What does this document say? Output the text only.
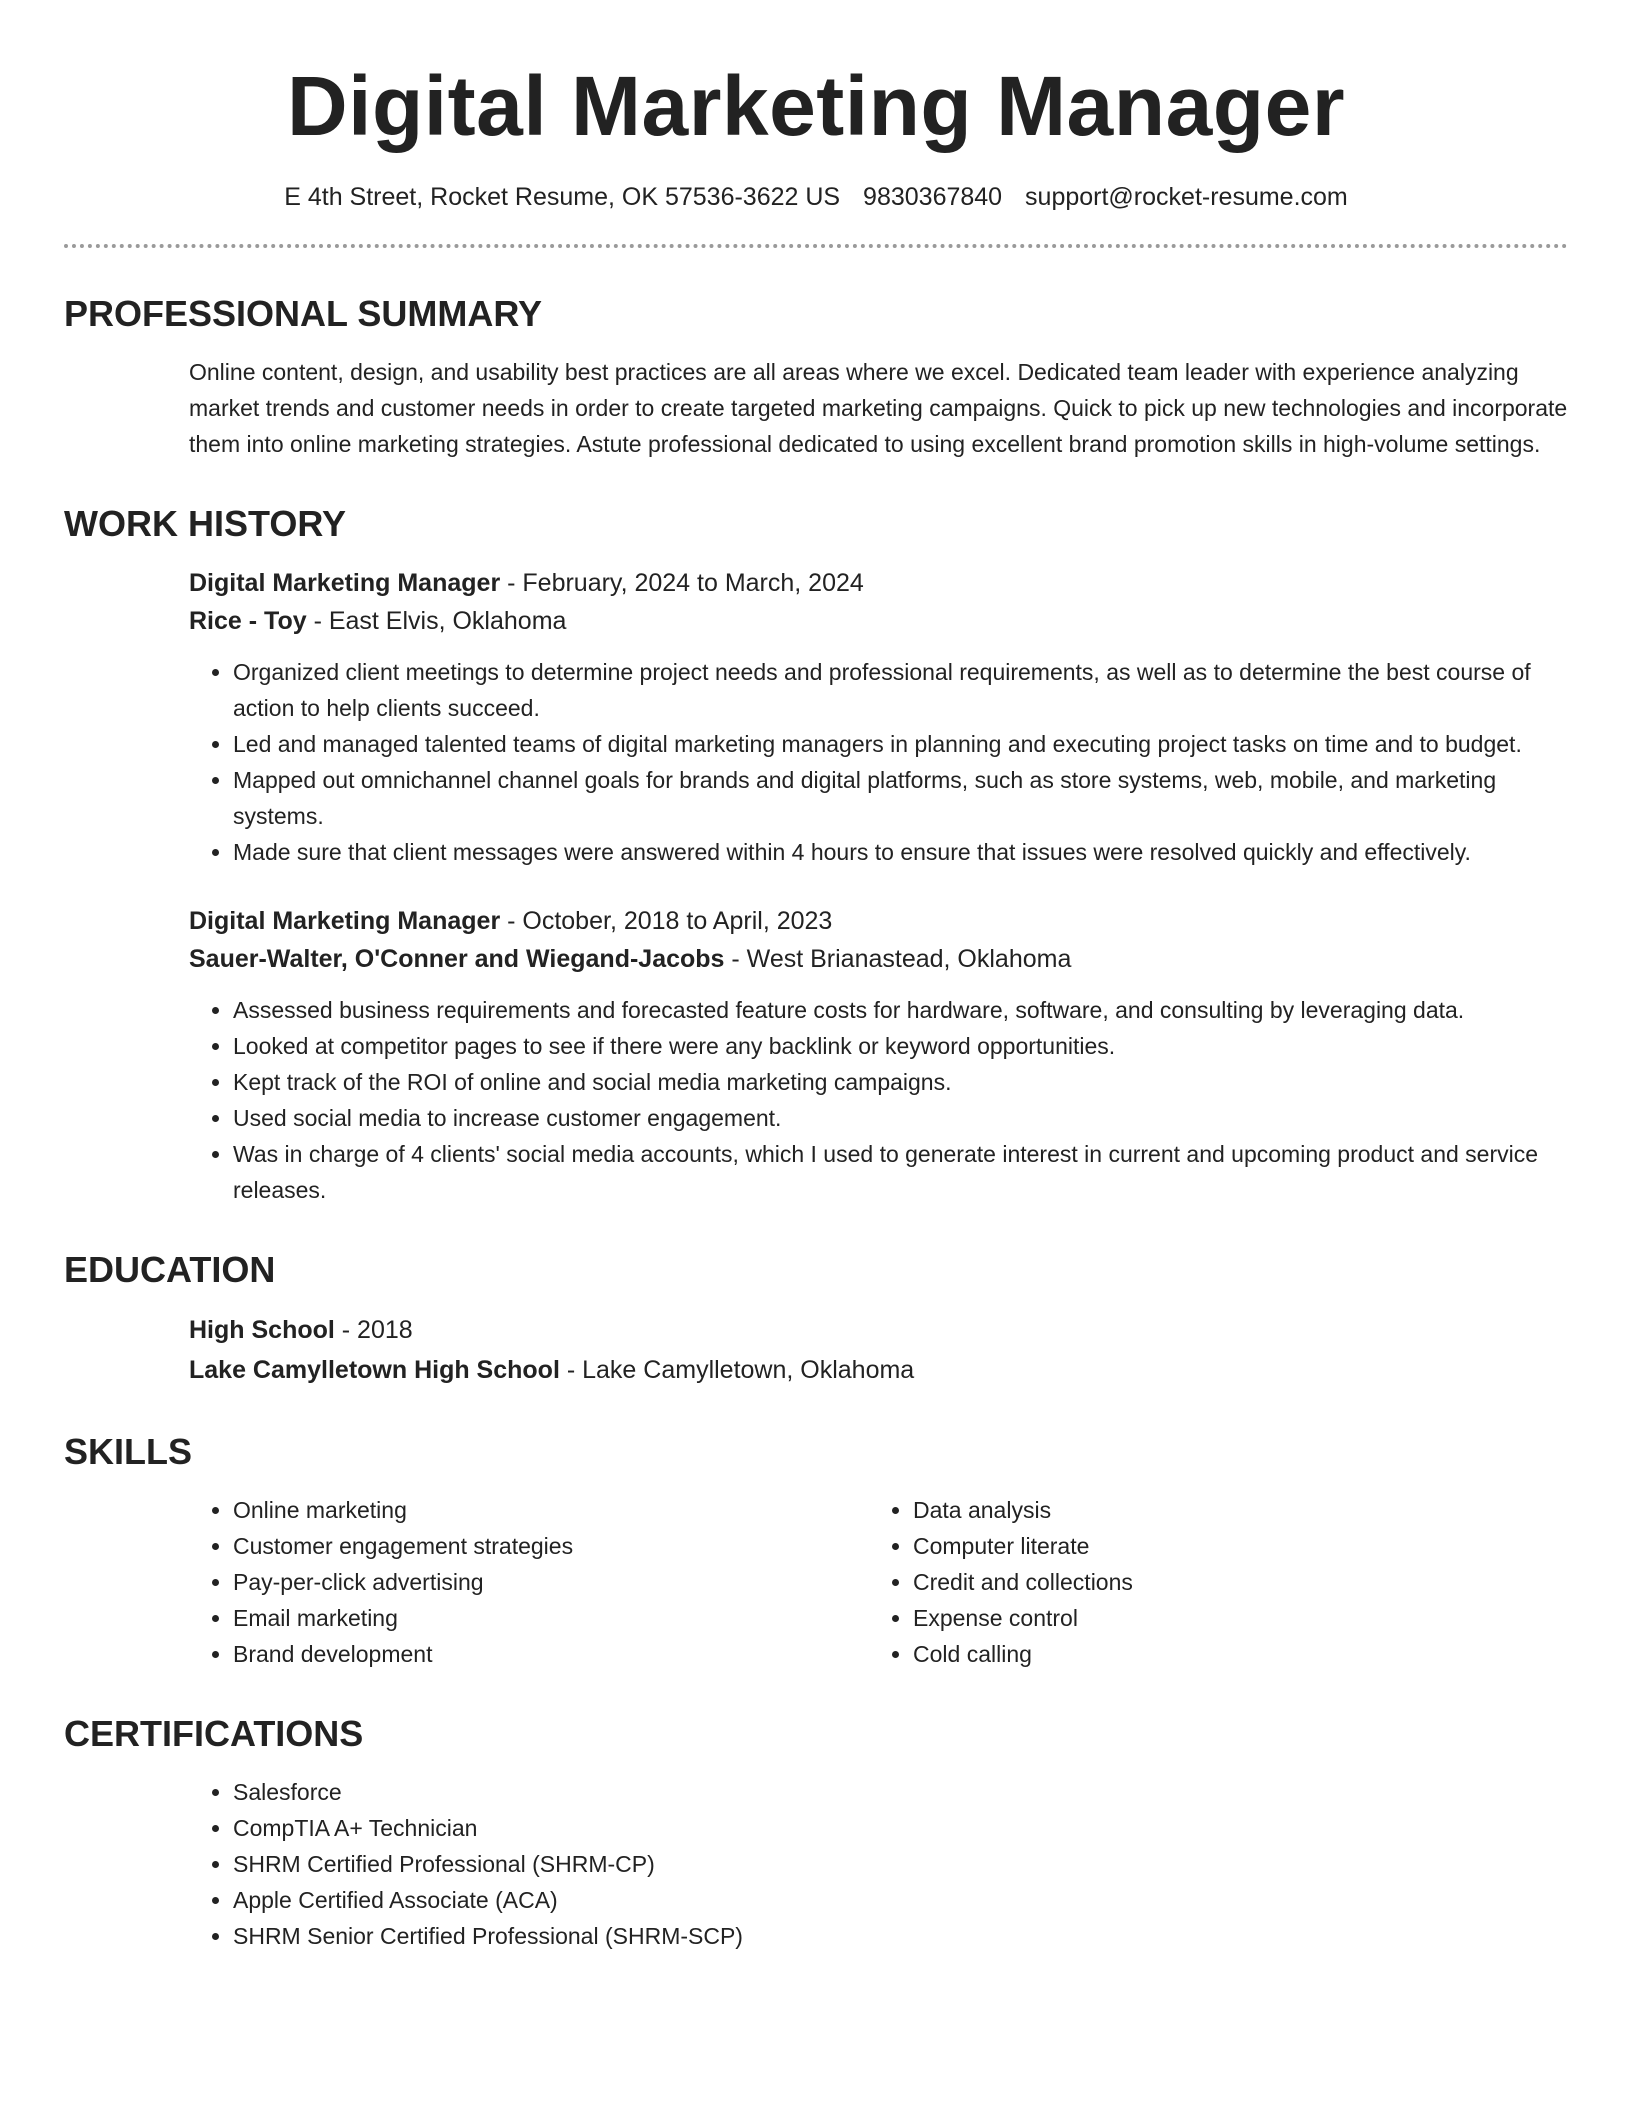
Digital Marketing Manager
E 4th Street, Rocket Resume, OK 57536-3622 US 9830367840 support@rocket-resume.com
PROFESSIONAL SUMMARY

Online content, design, and usability best practices are all areas where we excel. Dedicated team leader with experience analyzing market trends and customer needs in order to create targeted marketing campaigns. Quick to pick up new technologies and incorporate them into online marketing strategies. Astute professional dedicated to using excellent brand promotion skills in high-volume settings.

WORK HISTORY
Digital Marketing Manager - February, 2024 to March, 2024
Rice - Toy - East Elvis, Oklahoma
• Organized client meetings to determine project needs and professional requirements, as well as to determine the best course of action to help clients succeed.
• Led and managed talented teams of digital marketing managers in planning and executing project tasks on time and to budget.
• Mapped out omnichannel channel goals for brands and digital platforms, such as store systems, web, mobile, and marketing systems.
• Made sure that client messages were answered within 4 hours to ensure that issues were resolved quickly and effectively.
Digital Marketing Manager - October, 2018 to April, 2023
Sauer-Walter, O'Conner and Wiegand-Jacobs - West Brianastead, Oklahoma
• Assessed business requirements and forecasted feature costs for hardware, software, and consulting by leveraging data.
• Looked at competitor pages to see if there were any backlink or keyword opportunities.
• Kept track of the ROI of online and social media marketing campaigns.
• Used social media to increase customer engagement.
• Was in charge of 4 clients' social media accounts, which I used to generate interest in current and upcoming product and service releases.
EDUCATION
High School - 2018
Lake Camylletown High School - Lake Camylletown, Oklahoma
SKILLS
• Online marketing
• Customer engagement strategies
• Pay-per-click advertising
• Email marketing
• Brand development
• Data analysis
• Computer literate
• Credit and collections
• Expense control
• Cold calling
CERTIFICATIONS
• Salesforce
• CompTIA A+ Technician
• SHRM Certified Professional (SHRM-CP)
• Apple Certified Associate (ACA)
• SHRM Senior Certified Professional (SHRM-SCP)
